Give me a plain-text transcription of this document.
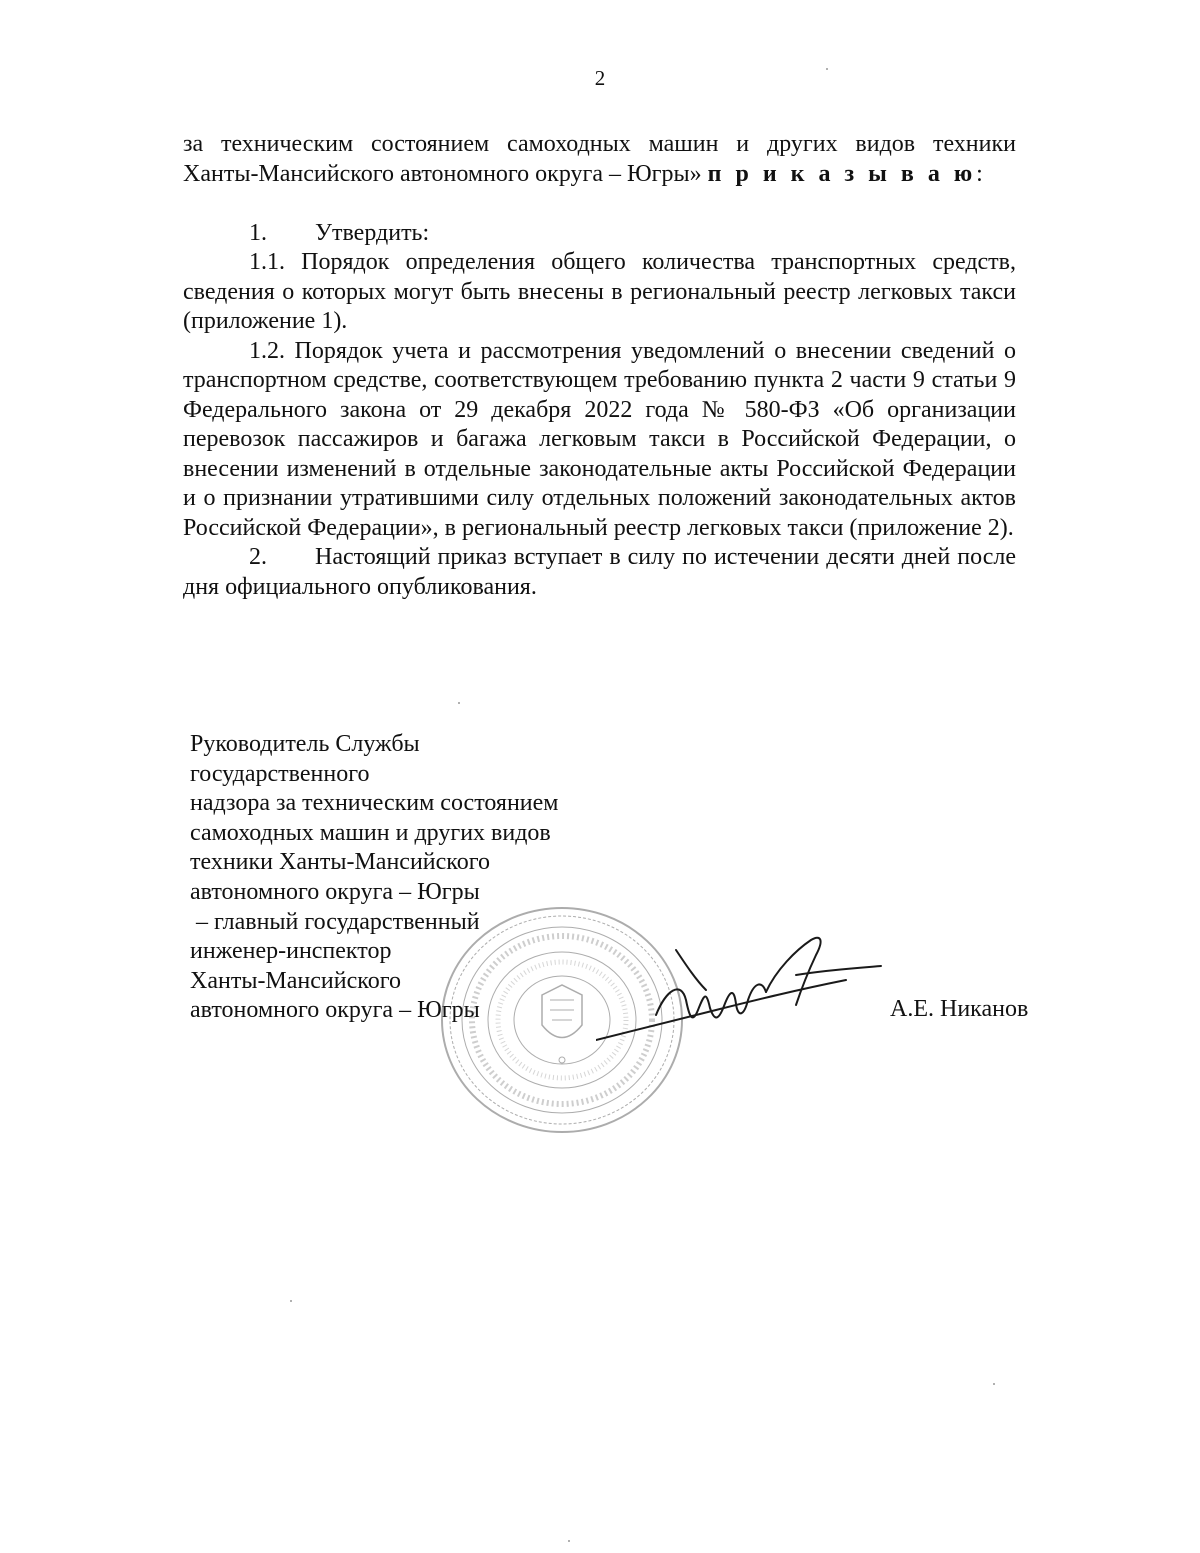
2

за техническим состоянием самоходных машин и других видов техники

Ханты-Мансийского автономного округа – Югры» п р и к а з ы в а ю:

1. Утвердить:

1.1. Порядок определения общего количества транспортных средств, сведения о которых могут быть внесены в региональный реестр легковых такси (приложение 1).

1.2. Порядок учета и рассмотрения уведомлений о внесении сведений о транспортном средстве, соответствующем требованию пункта 2 части 9 статьи 9 Федерального закона от 29 декабря 2022 года № 580-ФЗ «Об организации перевозок пассажиров и багажа легковым такси в Российской Федерации, о внесении изменений в отдельные законодательные акты Российской Федерации и о признании утратившими силу отдельных положений законодательных актов Российской Федерации», в региональный реестр легковых такси (приложение 2).

2. Настоящий приказ вступает в силу по истечении десяти дней после дня официального опубликования.

Руководитель Службы
государственного
надзора за техническим состоянием
самоходных машин и других видов
техники Ханты-Мансийского
автономного округа – Югры
– главный государственный
инженер-инспектор
Ханты-Мансийского
автономного округа – Югры	А.Е. Никанов
